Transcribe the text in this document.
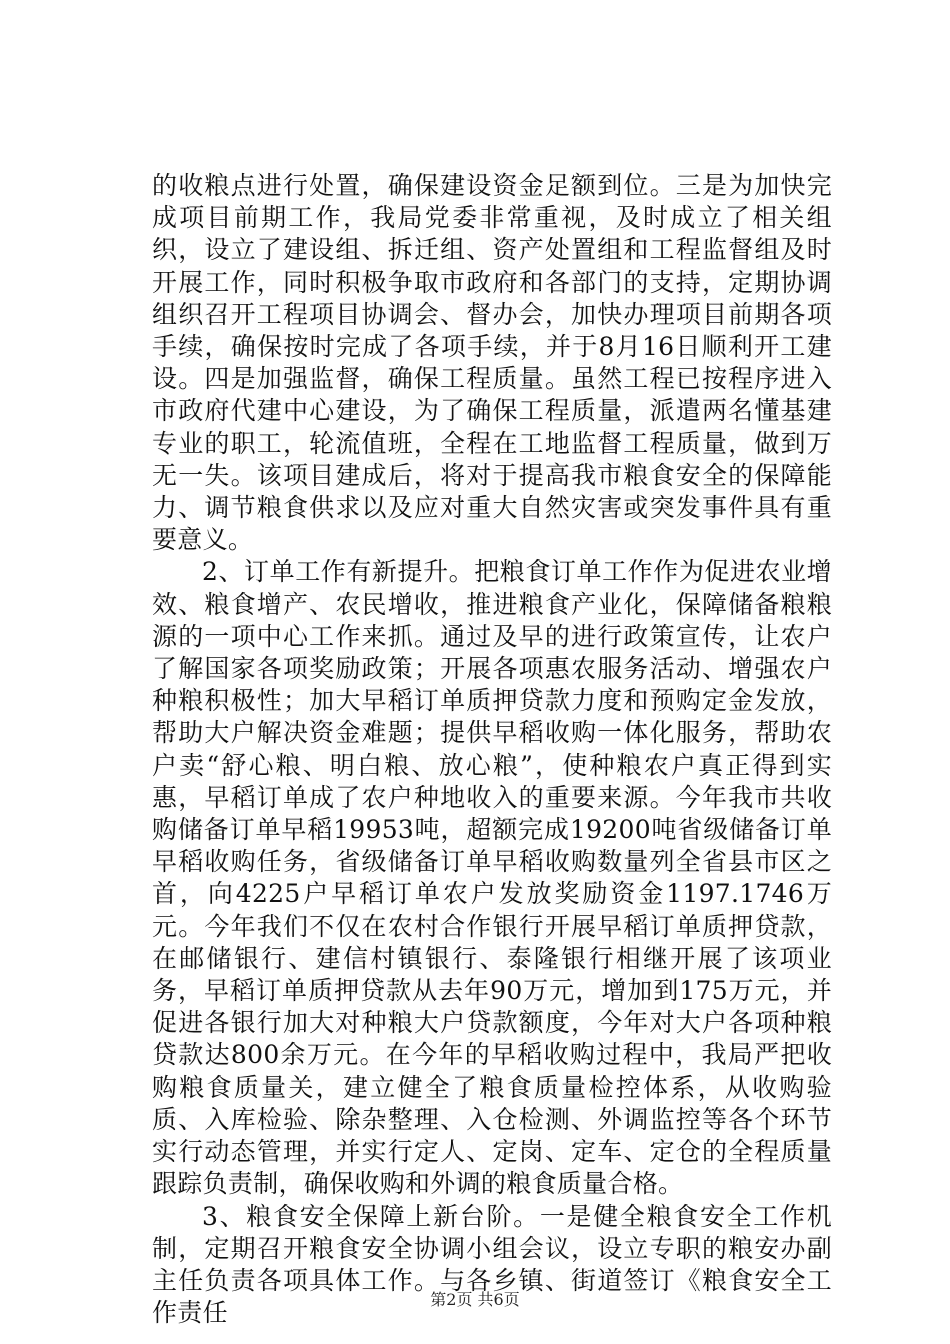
的收粮点进行处置，确保建设资金足额到位。三是为加快完成项目前期工作，我局党委非常重视，及时成立了相关组织，设立了建设组、拆迁组、资产处置组和工程监督组及时开展工作，同时积极争取市政府和各部门的支持，定期协调组织召开工程项目协调会、督办会，加快办理项目前期各项手续，确保按时完成了各项手续，并于8月16日顺利开工建设。四是加强监督，确保工程质量。虽然工程已按程序进入市政府代建中心建设，为了确保工程质量，派遣两名懂基建专业的职工，轮流值班，全程在工地监督工程质量，做到万无一失。该项目建成后，将对于提高我市粮食安全的保障能力、调节粮食供求以及应对重大自然灾害或突发事件具有重要意义。

2、订单工作有新提升。把粮食订单工作作为促进农业增效、粮食增产、农民增收，推进粮食产业化，保障储备粮粮源的一项中心工作来抓。通过及早的进行政策宣传，让农户了解国家各项奖励政策；开展各项惠农服务活动、增强农户种粮积极性；加大早稻订单质押贷款力度和预购定金发放，帮助大户解决资金难题；提供早稻收购一体化服务，帮助农户卖“舒心粮、明白粮、放心粮”，使种粮农户真正得到实惠，早稻订单成了农户种地收入的重要来源。今年我市共收购储备订单早稻19953吨，超额完成19200吨省级储备订单早稻收购任务，省级储备订单早稻收购数量列全省县市区之首，向4225户早稻订单农户发放奖励资金1197.1746万元。今年我们不仅在农村合作银行开展早稻订单质押贷款，在邮储银行、建信村镇银行、泰隆银行相继开展了该项业务，早稻订单质押贷款从去年90万元，增加到175万元，并促进各银行加大对种粮大户贷款额度，今年对大户各项种粮贷款达800余万元。在今年的早稻收购过程中，我局严把收购粮食质量关，建立健全了粮食质量检控体系，从收购验质、入库检验、除杂整理、入仓检测、外调监控等各个环节实行动态管理，并实行定人、定岗、定车、定仓的全程质量跟踪负责制，确保收购和外调的粮食质量合格。

3、粮食安全保障上新台阶。一是健全粮食安全工作机制，定期召开粮食安全协调小组会议，设立专职的粮安办副主任负责各项具体工作。与各乡镇、街道签订《粮食安全工作责任	第2页 共6页
